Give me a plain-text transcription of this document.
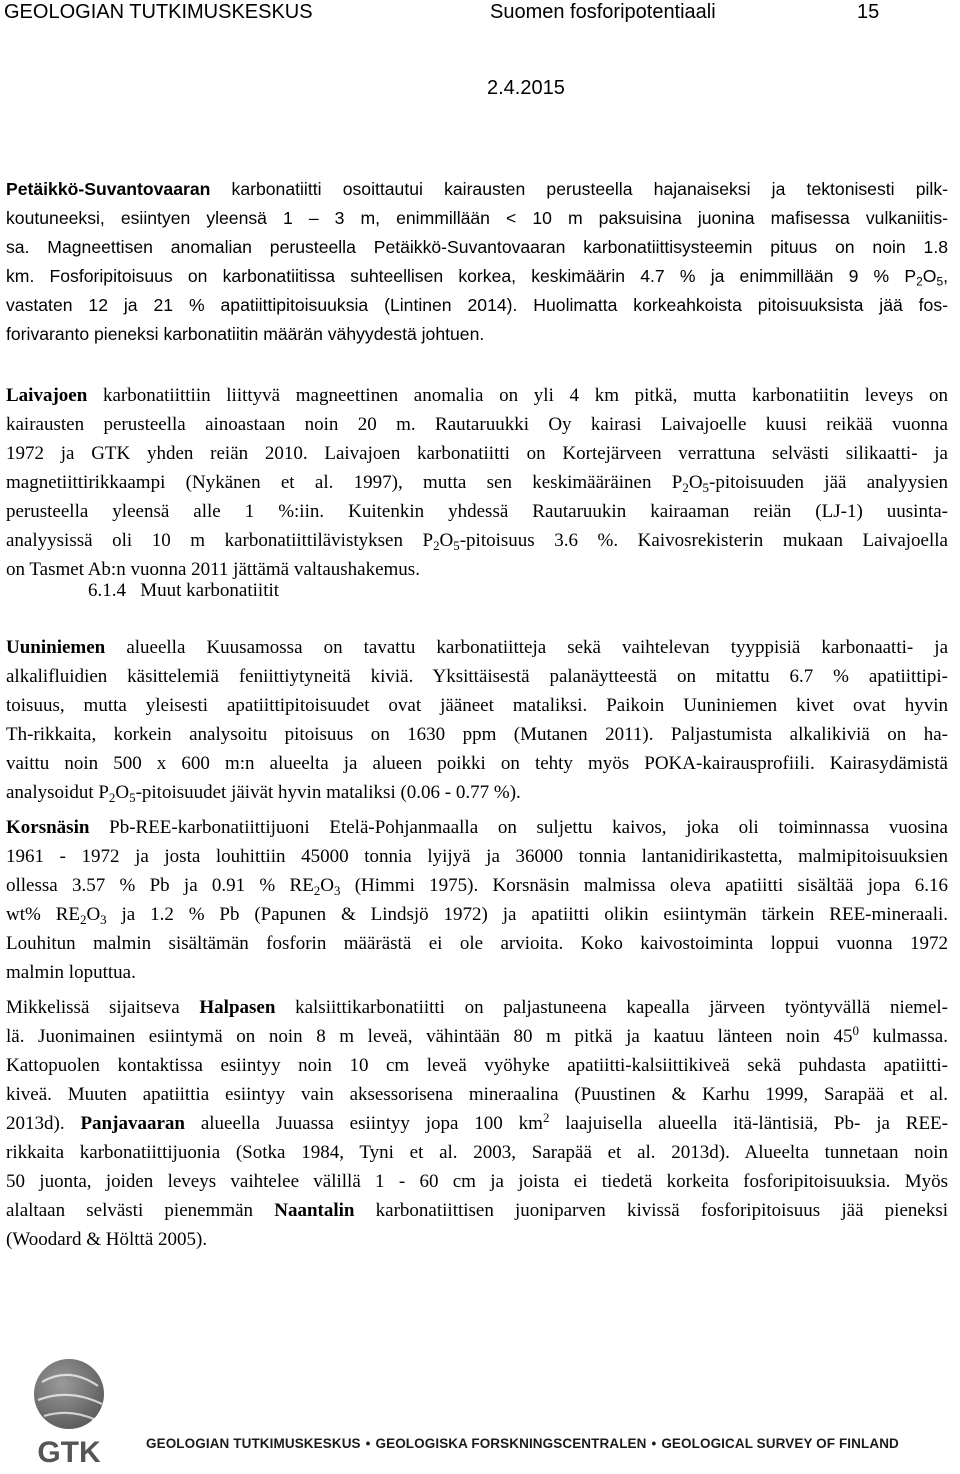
GEOLOGIAN TUTKIMUSKESKUS	Suomen fosforipotentiaali	15
2.4.2015
Petäikkö-Suvantovaaran karbonatiitti osoittautui kairausten perusteella hajanaiseksi ja tektonisesti pilk-
koutuneeksi, esiintyen yleensä 1 – 3 m, enimmillään < 10 m paksuisina juonina mafisessa vulkaniitis-
sa. Magneettisen anomalian perusteella Petäikkö-Suvantovaaran karbonatiittisysteemin pituus on noin 1.8
km. Fosforipitoisuus on karbonatiitissa suhteellisen korkea, keskimäärin 4.7 % ja enimmillään 9 % $P_2O_5$,
vastaten 12 ja 21 % apatiittipitoisuuksia (Lintinen 2014). Huolimatta korkeahkoista pitoisuuksista jää fos-
forivaranto pieneksi karbonatiitin määrän vähyydestä johtuen.
Laivajoen karbonatiittiin liittyvä magneettinen anomalia on yli 4 km pitkä, mutta karbonatiitin leveys on
kairausten perusteella ainoastaan noin 20 m. Rautaruukki Oy kairasi Laivajoelle kuusi reikää vuonna
1972 ja GTK yhden reiän 2010. Laivajoen karbonatiitti on Kortejärveen verrattuna selvästi silikaatti- ja
magnetiittirikkaampi (Nykänen et al. 1997), mutta sen keskimääräinen $P_2O_5$-pitoisuuden jää analyysien
perusteella yleensä alle 1 %:iin. Kuitenkin yhdessä Rautaruukin kairaaman reiän (LJ-1) uusinta-
analyysissä oli 10 m karbonatiittilävistyksen $P_2O_5$-pitoisuus 3.6 %. Kaivosrekisterin mukaan Laivajoella
on Tasmet Ab:n vuonna 2011 jättämä valtaushakemus.
6.1.4 Muut karbonatiitit
Uuniniemen alueella Kuusamossa on tavattu karbonatiitteja sekä vaihtelevan tyyppisiä karbonaatti- ja
alkalifluidien käsittelemiä feniittiytyneitä kiviä. Yksittäisestä palanäytteestä on mitattu 6.7 % apatiittipi-
toisuus, mutta yleisesti apatiittipitoisuudet ovat jääneet mataliksi. Paikoin Uuniniemen kivet ovat hyvin
Th-rikkaita, korkein analysoitu pitoisuus on 1630 ppm (Mutanen 2011). Paljastumista alkalikiviä on ha-
vaittu noin 500 x 600 m:n alueelta ja alueen poikki on tehty myös POKA-kairausprofiili. Kairasydämistä
analysoidut $P_2O_5$-pitoisuudet jäivät hyvin mataliksi (0.06 - 0.77 %).
Korsnäsin Pb-REE-karbonatiittijuoni Etelä-Pohjanmaalla on suljettu kaivos, joka oli toiminnassa vuosina
1961 - 1972 ja josta louhittiin 45000 tonnia lyijyä ja 36000 tonnia lantanidirikastetta, malmipitoisuuksien
ollessa 3.57 % Pb ja 0.91 % $RE_2O_3$ (Himmi 1975). Korsnäsin malmissa oleva apatiitti sisältää jopa 6.16
wt% $RE_2O_3$ ja 1.2 % Pb (Papunen & Lindsjö 1972) ja apatiitti olikin esiintymän tärkein REE-mineraali.
Louhitun malmin sisältämän fosforin määrästä ei ole arvioita. Koko kaivostoiminta loppui vuonna 1972
malmin loputtua.
Mikkelissä sijaitseva Halpasen kalsiittikarbonatiitti on paljastuneena kapealla järveen työntyvällä niemel-
lä. Juonimainen esiintymä on noin 8 m leveä, vähintään 80 m pitkä ja kaatuu länteen noin $45^0$ kulmassa.
Kattopuolen kontaktissa esiintyy noin 10 cm leveä vyöhyke apatiitti-kalsiittikiveä sekä puhdasta apatiitti-
kiveä. Muuten apatiittia esiintyy vain aksessorisena mineraalina (Puustinen & Karhu 1999, Sarapää et al.
2013d). Panjavaaran alueella Juuassa esiintyy jopa 100 $km^2$ laajuisella alueella itä-läntisiä, Pb- ja REE-
rikkaita karbonatiittijuonia (Sotka 1984, Tyni et al. 2003, Sarapää et al. 2013d). Alueelta tunnetaan noin
50 juonta, joiden leveys vaihtelee välillä 1 - 60 cm ja joista ei tiedetä korkeita fosforipitoisuuksia. Myös
alaltaan selvästi pienemmän Naantalin karbonatiittisen juoniparven kivissä fosforipitoisuus jää pieneksi
(Woodard & Hölttä 2005).
GTK	GEOLOGIAN TUTKIMUSKESKUS • GEOLOGISKA FORSKNINGSCENTRALEN • GEOLOGICAL SURVEY OF FINLAND
